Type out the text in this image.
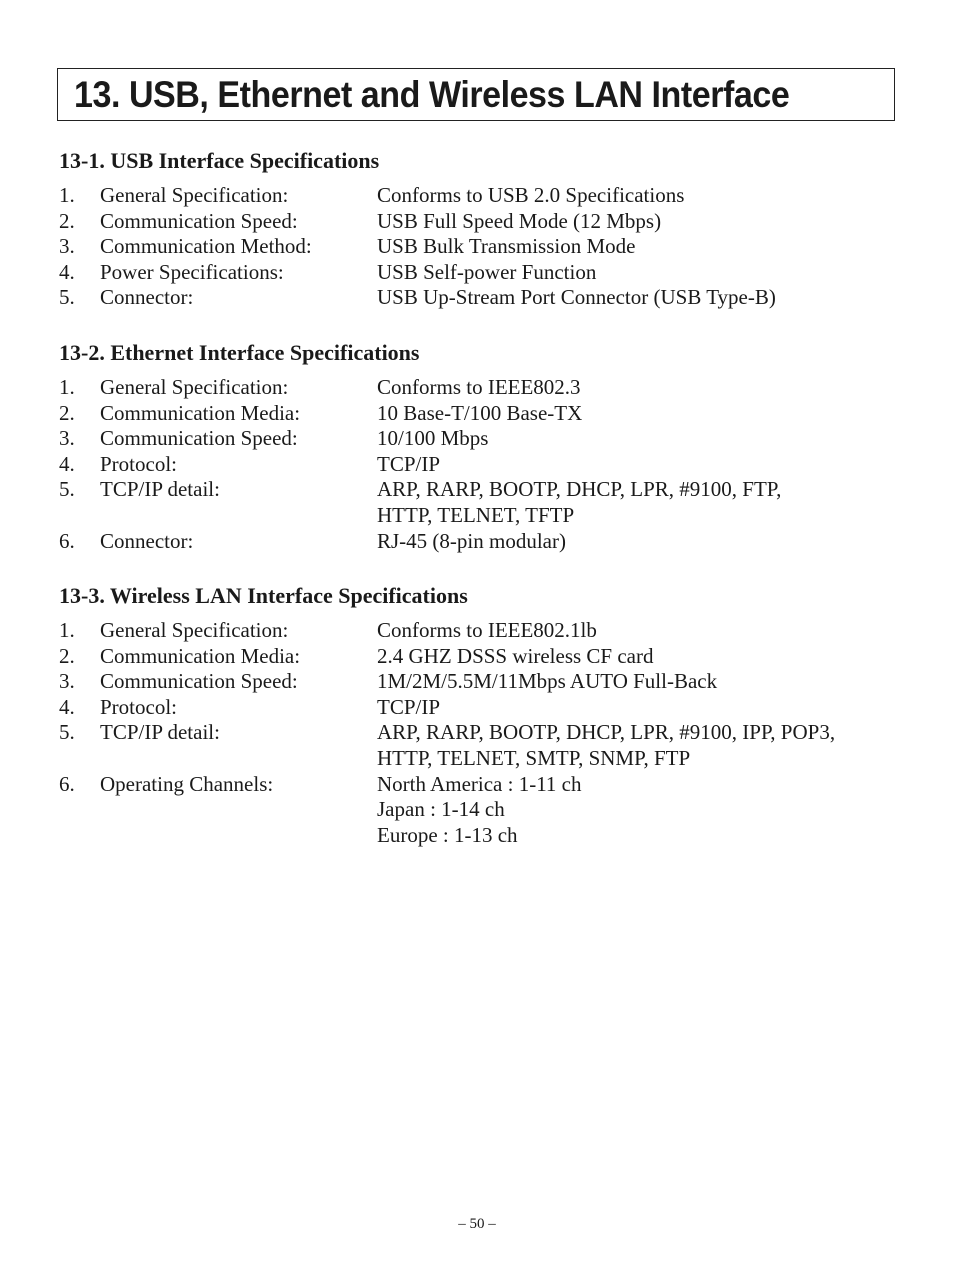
13. USB, Ethernet and Wireless LAN Interface
13-1. USB Interface Specifications
1.	General Specification:	Conforms to USB 2.0 Specifications
2.	Communication Speed:	USB Full Speed Mode (12 Mbps)
3.	Communication Method:	USB Bulk Transmission Mode
4.	Power Specifications:	USB Self-power Function
5.	Connector:	USB Up-Stream Port Connector (USB Type-B)
13-2. Ethernet Interface Specifications
1.	General Specification:	Conforms to IEEE802.3
2.	Communication Media:	10 Base-T/100 Base-TX
3.	Communication Speed:	10/100 Mbps
4.	Protocol:	TCP/IP
5.	TCP/IP detail:	ARP, RARP, BOOTP, DHCP, LPR, #9100, FTP,
HTTP, TELNET, TFTP
6.	Connector:	RJ-45 (8-pin modular)
13-3. Wireless LAN Interface Specifications
1.	General Specification:	Conforms to IEEE802.1lb
2.	Communication Media:	2.4 GHZ DSSS wireless CF card
3.	Communication Speed:	1M/2M/5.5M/11Mbps AUTO Full-Back
4.	Protocol:	TCP/IP
5.	TCP/IP detail:	ARP, RARP, BOOTP, DHCP, LPR, #9100, IPP, POP3,
HTTP, TELNET, SMTP, SNMP, FTP
6.	Operating Channels:	North America : 1-11 ch
Japan : 1-14 ch
Europe : 1-13 ch
– 50 –
